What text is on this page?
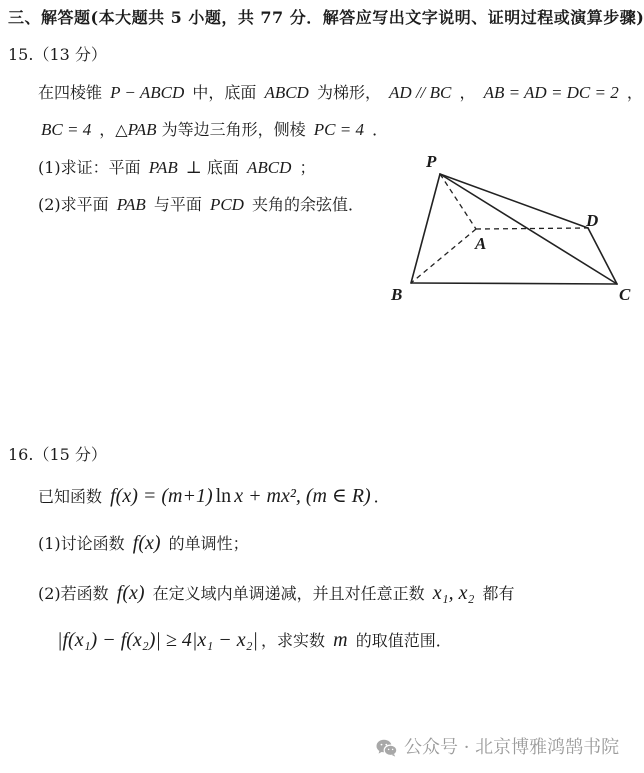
三、解答题(本大题共 5 小题，共 77 分．解答应写出文字说明、证明过程或演算步骤)
15.（13 分）
在四棱锥 P − ABCD 中，底面 ABCD 为梯形， AD // BC ， AB = AD = DC = 2 ，
BC = 4 ，△PAB 为等边三角形，侧棱 PC = 4 ．
(1)求证：平面 PAB ⊥ 底面 ABCD ；
(2)求平面 PAB 与平面 PCD 夹角的余弦值．
P
D
A
B	C
16.（15 分）
已知函数 f(x) = (m+1) ln x + mx², (m ∈ R) ．
(1)讨论函数 f(x) 的单调性；
(2)若函数 f(x) 在定义域内单调递减，并且对任意正数 x₁, x₂ 都有
|f(x₁) − f(x₂)| ≥ 4|x₁ − x₂| ，求实数 m 的取值范围．
公众号 · 北京博雅鸿鹄书院
